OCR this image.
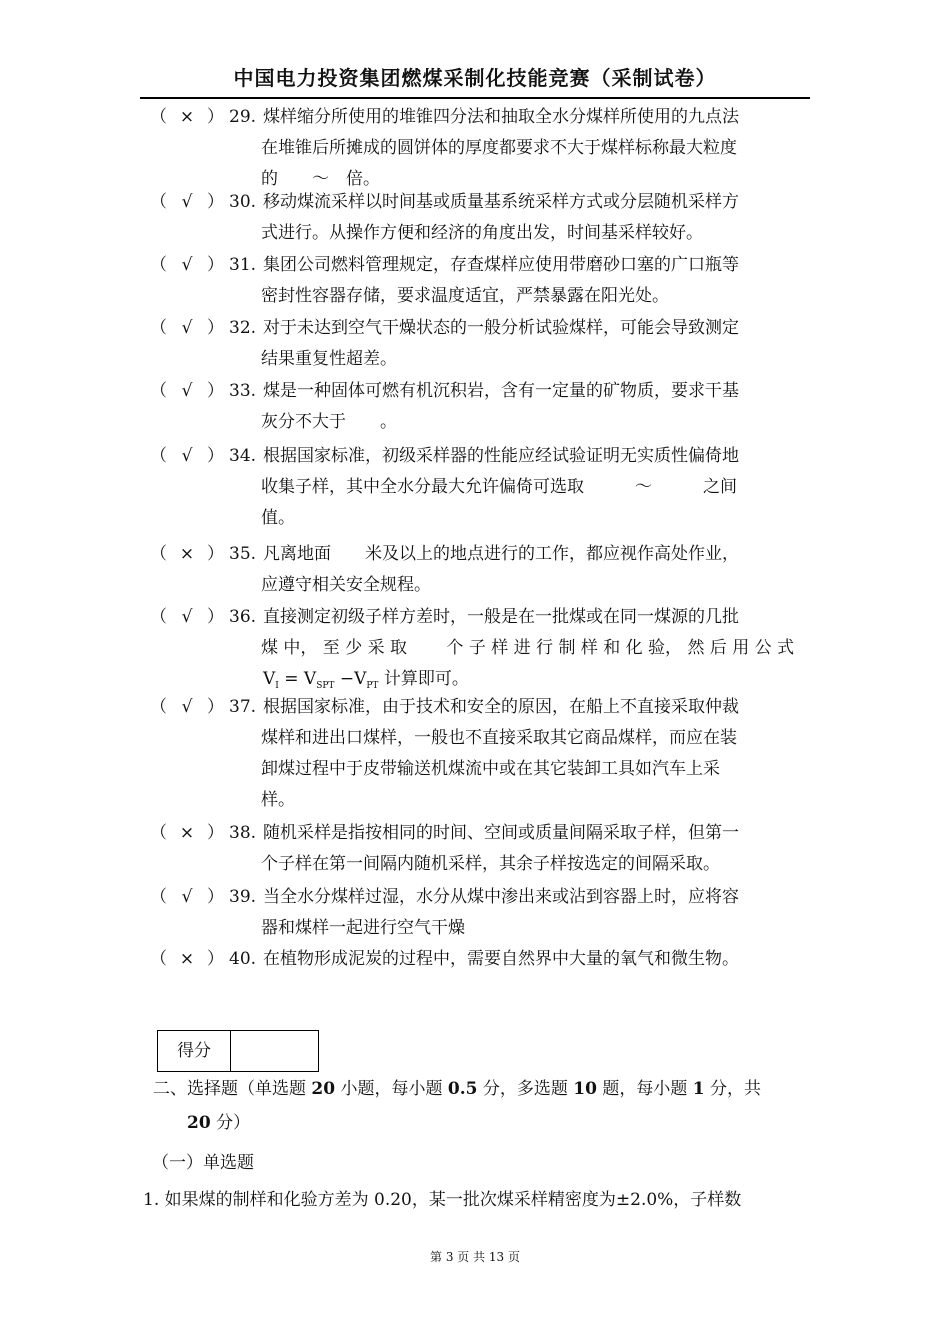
中国电力投资集团燃煤采制化技能竞赛（采制试卷）
（ × ） 29. 煤样缩分所使用的堆锥四分法和抽取全水分煤样所使用的九点法
在堆锥后所摊成的圆饼体的厚度都要求不大于煤样标称最大粒度
的　　～　倍。
（ √ ） 30. 移动煤流采样以时间基或质量基系统采样方式或分层随机采样方
式进行。从操作方便和经济的角度出发，时间基采样较好。
（ √ ） 31. 集团公司燃料管理规定，存查煤样应使用带磨砂口塞的广口瓶等
密封性容器存储，要求温度适宜，严禁暴露在阳光处。
（ √ ） 32. 对于未达到空气干燥状态的一般分析试验煤样，可能会导致测定
结果重复性超差。
（ √ ） 33. 煤是一种固体可燃有机沉积岩，含有一定量的矿物质，要求干基
灰分不大于　　。
（ √ ） 34. 根据国家标准，初级采样器的性能应经试验证明无实质性偏倚地
收集子样，其中全水分最大允许偏倚可选取　　　～　　　之间
值。
（ × ） 35. 凡离地面　　米及以上的地点进行的工作，都应视作高处作业，
应遵守相关安全规程。
（ √ ） 36. 直接测定初级子样方差时，一般是在一批煤或在同一煤源的几批
煤 中， 至 少 采 取　　 个 子 样 进 行 制 样 和 化 验， 然 后 用 公 式
$V_I = V_{SPT} -V_{PT}$ 计算即可。
（ √ ） 37. 根据国家标准，由于技术和安全的原因，在船上不直接采取仲裁
煤样和进出口煤样，一般也不直接采取其它商品煤样，而应在装
卸煤过程中于皮带输送机煤流中或在其它装卸工具如汽车上采
样。
（ × ） 38. 随机采样是指按相同的时间、空间或质量间隔采取子样，但第一
个子样在第一间隔内随机采样，其余子样按选定的间隔采取。
（ √ ） 39. 当全水分煤样过湿，水分从煤中渗出来或沾到容器上时，应将容
器和煤样一起进行空气干燥
（ × ） 40. 在植物形成泥炭的过程中，需要自然界中大量的氧气和微生物。
得分
二、选择题（单选题 20 小题，每小题 0.5 分，多选题 10 题，每小题 1 分，共
20 分）
（一）单选题
1. 如果煤的制样和化验方差为 0.20，某一批次煤采样精密度为±2.0%，子样数
第 3 页 共 13 页
